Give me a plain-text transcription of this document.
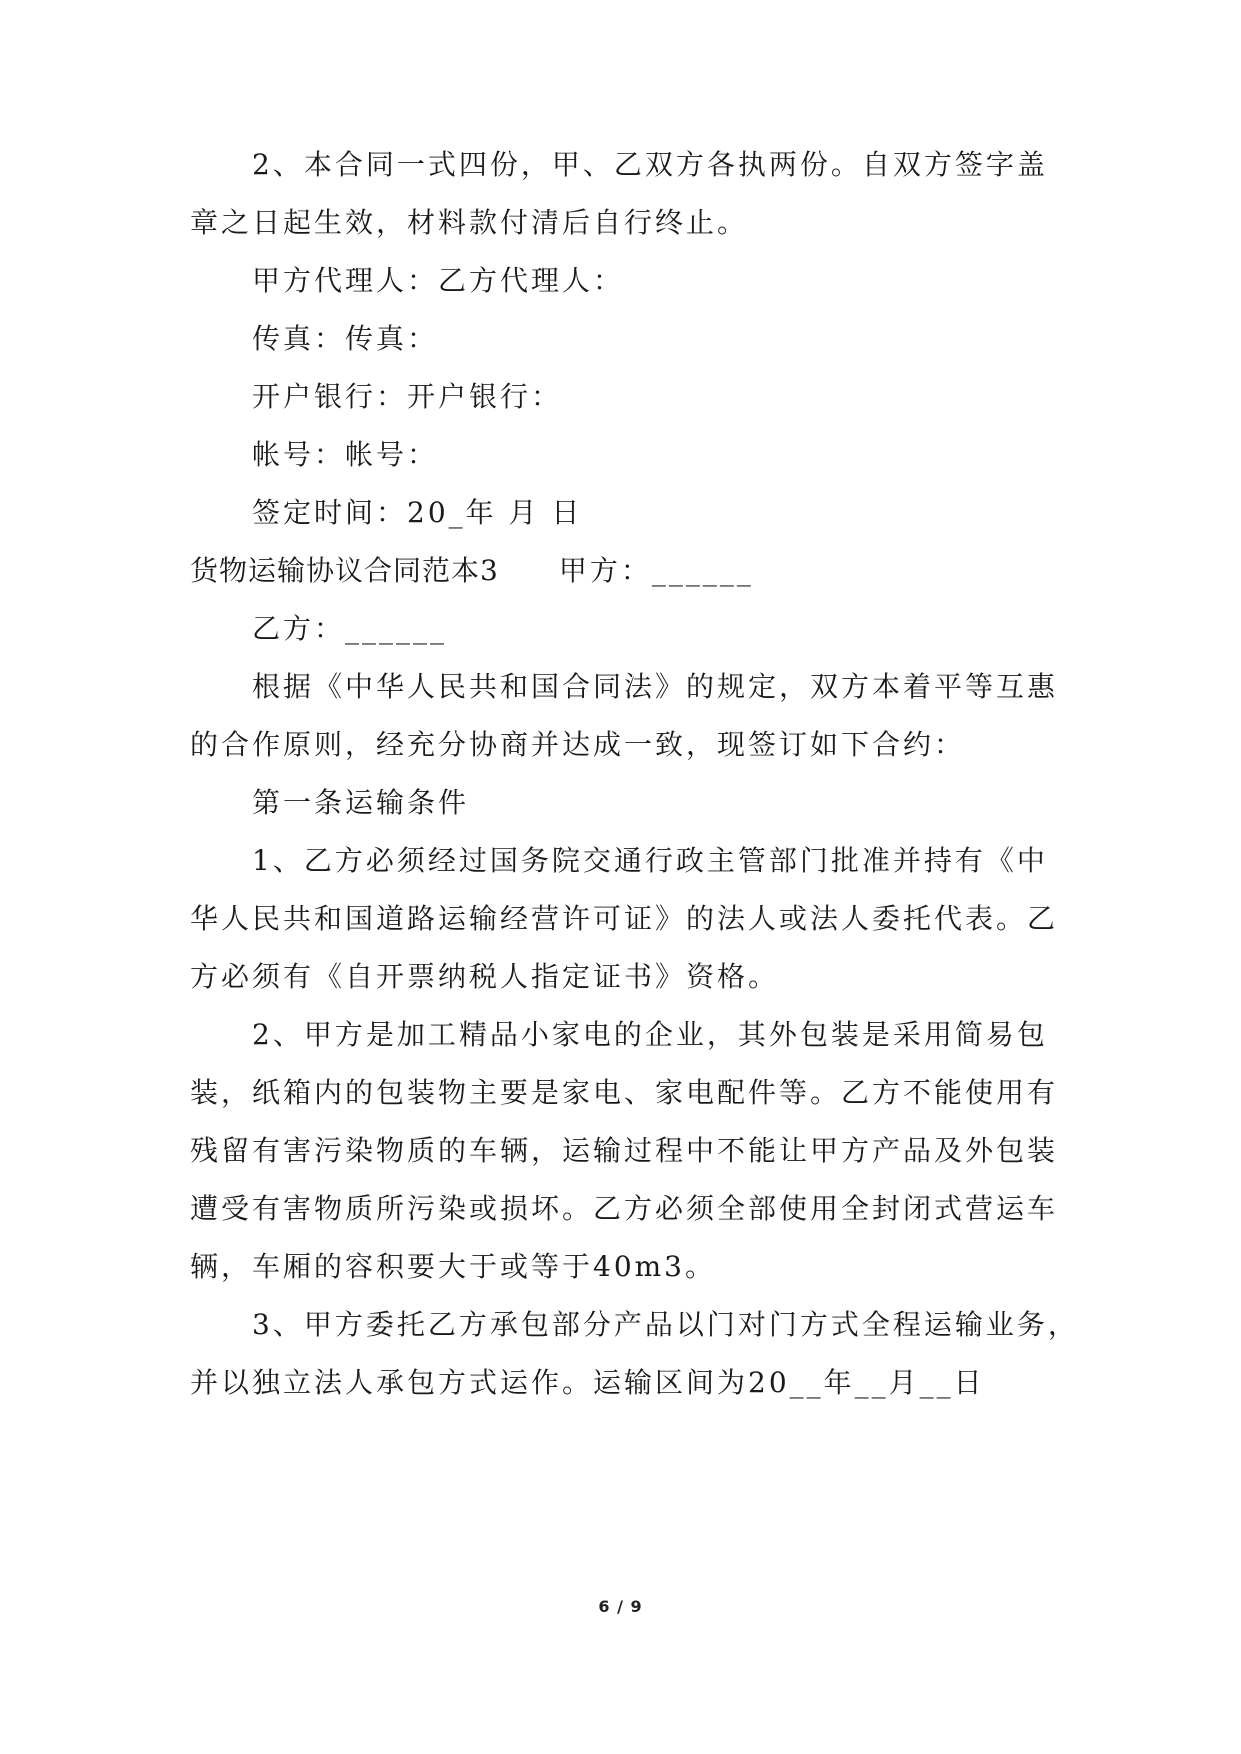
2、本合同一式四份，甲、乙双方各执两份。自双方签字盖
章之日起生效，材料款付清后自行终止。
甲方代理人：乙方代理人：
传真：传真：
开户银行：开户银行：
帐号：帐号：
签定时间：20_年 月 日
货物运输协议合同范本3 甲方：______
乙方：______
根据《中华人民共和国合同法》的规定，双方本着平等互惠
的合作原则，经充分协商并达成一致，现签订如下合约：
第一条运输条件
1、乙方必须经过国务院交通行政主管部门批准并持有《中
华人民共和国道路运输经营许可证》的法人或法人委托代表。乙
方必须有《自开票纳税人指定证书》资格。
2、甲方是加工精品小家电的企业，其外包装是采用简易包
装，纸箱内的包装物主要是家电、家电配件等。乙方不能使用有
残留有害污染物质的车辆，运输过程中不能让甲方产品及外包装
遭受有害物质所污染或损坏。乙方必须全部使用全封闭式营运车
辆，车厢的容积要大于或等于40m3。
3、甲方委托乙方承包部分产品以门对门方式全程运输业务，
并以独立法人承包方式运作。运输区间为20__年__月__日
6 / 9
